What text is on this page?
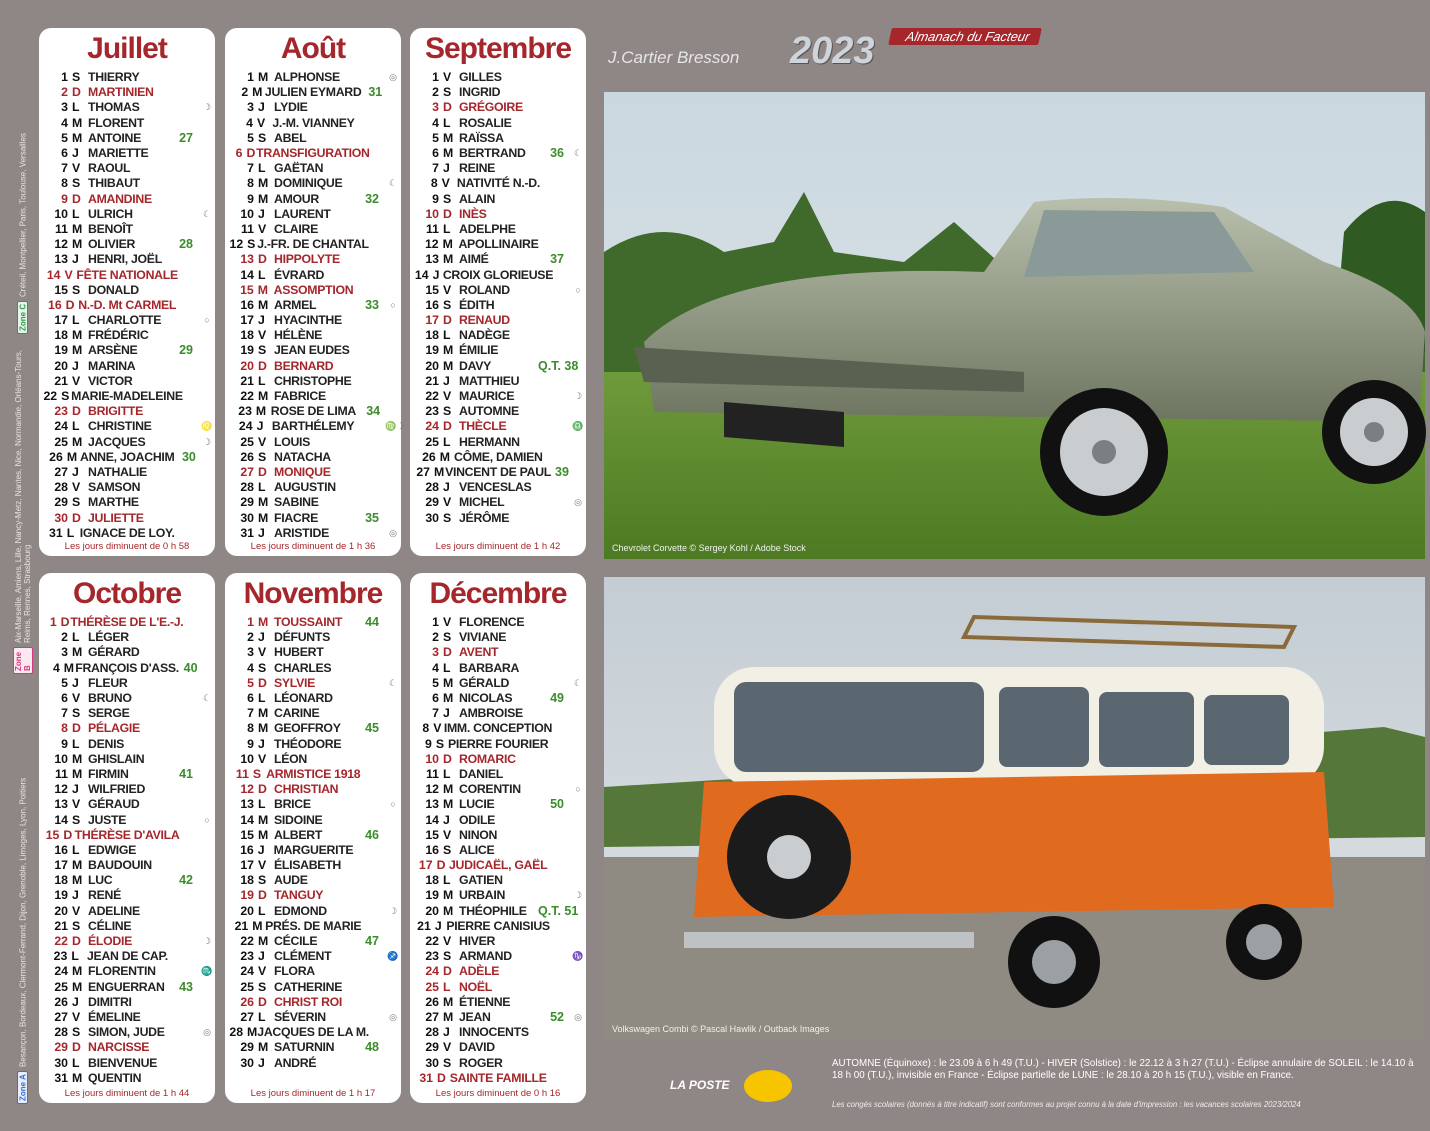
Zone C
Créteil, Montpellier, Paris, Toulouse, Versailles
Zone B
Aix-Marseille, Amiens, Lille, Nancy-Metz, Nantes, Nice, Normandie, Orléans-Tours, Reims, Rennes, Strasbourg
Zone A
Besançon, Bordeaux, Clermont-Ferrand, Dijon, Grenoble, Limoges, Lyon, Poitiers
Juillet
1 S THIERRY
2 D MARTINIEN
3 L THOMAS	☽
4 M FLORENT
5 M ANTOINE	27
6 J MARIETTE
7 V RAOUL
8 S THIBAUT
9 D AMANDINE
10 L ULRICH	☾
11 M BENOÎT
12 M OLIVIER	28
13 J HENRI, JOËL
14 V FÊTE NATIONALE
15 S DONALD
16 D N.-D. Mt CARMEL
17 L CHARLOTTE	○
18 M FRÉDÉRIC
19 M ARSÈNE	29
20 J MARINA
21 V VICTOR
22 S MARIE-MADELEINE
23 D BRIGITTE
24 L CHRISTINE	♌
25 M JACQUES	☽
26 M ANNE, JOACHIM 30
27 J NATHALIE
28 V SAMSON
29 S MARTHE
30 D JULIETTE
31 L IGNACE DE LOY.
Les jours diminuent de 0 h 58
Août
1 M ALPHONSE	◎
2 M JULIEN EYMARD 31
3 J LYDIE
4 V J.-M. VIANNEY
5 S ABEL
6 D TRANSFIGURATION
7 L GAËTAN
8 M DOMINIQUE	☾
9 M AMOUR	32
10 J LAURENT
11 V CLAIRE
12 S J.-FR. DE CHANTAL
13 D HIPPOLYTE
14 L ÉVRARD
15 M ASSOMPTION
16 M ARMEL	33	○
17 J HYACINTHE
18 V HÉLÈNE
19 S JEAN EUDES
20 D BERNARD
21 L CHRISTOPHE
22 M FABRICE
23 M ROSE DE LIMA 34
24 J BARTHÉLEMY	♍☽
25 V LOUIS
26 S NATACHA
27 D MONIQUE
28 L AUGUSTIN
29 M SABINE
30 M FIACRE	35
31 J ARISTIDE	◎
Les jours diminuent de 1 h 36
Septembre
1 V GILLES
2 S INGRID
3 D GRÉGOIRE
4 L ROSALIE
5 M RAÏSSA
6 M BERTRAND	36	☾
7 J REINE
8 V NATIVITÉ N.-D.
9 S ALAIN
10 D INÈS
11 L ADELPHE
12 M APOLLINAIRE
13 M AIMÉ	37
14 J CROIX GLORIEUSE
15 V ROLAND	○
16 S ÉDITH
17 D RENAUD
18 L NADÈGE
19 M ÉMILIE
20 M DAVY	Q.T. 38
21 J MATTHIEU
22 V MAURICE	☽
23 S AUTOMNE
24 D THÈCLE	♎
25 L HERMANN
26 M CÔME, DAMIEN
27 M VINCENT DE PAUL 39
28 J VENCESLAS
29 V MICHEL	◎
30 S JÉRÔME
Les jours diminuent de 1 h 42
Octobre
1 D THÉRÈSE DE L'E.-J.
2 L LÉGER
3 M GÉRARD
4 M FRANÇOIS D'ASS. 40
5 J FLEUR
6 V BRUNO	☾
7 S SERGE
8 D PÉLAGIE
9 L DENIS
10 M GHISLAIN
11 M FIRMIN	41
12 J WILFRIED
13 V GÉRAUD
14 S JUSTE	○
15 D THÉRÈSE D'AVILA
16 L EDWIGE
17 M BAUDOUIN
18 M LUC	42
19 J RENÉ
20 V ADELINE
21 S CÉLINE
22 D ÉLODIE	☽
23 L JEAN DE CAP.
24 M FLORENTIN	♏
25 M ENGUERRAN	43
26 J DIMITRI
27 V ÉMELINE
28 S SIMON, JUDE	◎
29 D NARCISSE
30 L BIENVENUE
31 M QUENTIN
Les jours diminuent de 1 h 44
Novembre
1 M TOUSSAINT	44
2 J DÉFUNTS
3 V HUBERT
4 S CHARLES
5 D SYLVIE	☾
6 L LÉONARD
7 M CARINE
8 M GEOFFROY	45
9 J THÉODORE
10 V LÉON
11 S ARMISTICE 1918
12 D CHRISTIAN
13 L BRICE	○
14 M SIDOINE
15 M ALBERT	46
16 J MARGUERITE
17 V ÉLISABETH
18 S AUDE
19 D TANGUY
20 L EDMOND	☽
21 M PRÉS. DE MARIE
22 M CÉCILE	47
23 J CLÉMENT	♐
24 V FLORA
25 S CATHERINE
26 D CHRIST ROI
27 L SÉVERIN	◎
28 M JACQUES DE LA M.
29 M SATURNIN	48
30 J ANDRÉ
Les jours diminuent de 1 h 17
Décembre
1 V FLORENCE
2 S VIVIANE
3 D AVENT
4 L BARBARA
5 M GÉRALD	☾
6 M NICOLAS	49
7 J AMBROISE
8 V IMM. CONCEPTION
9 S PIERRE FOURIER
10 D ROMARIC
11 L DANIEL
12 M CORENTIN	○
13 M LUCIE	50
14 J ODILE
15 V NINON
16 S ALICE
17 D JUDICAËL, GAËL
18 L GATIEN
19 M URBAIN	☽
20 M THÉOPHILE Q.T. 51
21 J PIERRE CANISIUS
22 V HIVER
23 S ARMAND	♑
24 D ADÈLE
25 L NOËL
26 M ÉTIENNE
27 M JEAN	52	◎
28 J INNOCENTS
29 V DAVID
30 S ROGER
31 D SAINTE FAMILLE
Les jours diminuent de 0 h 16
J.Cartier Bresson 2023	Almanach du Facteur
Chevrolet Corvette © Sergey Kohl / Adobe Stock
Volkswagen Combi © Pascal Hawlik / Outback Images
LA POSTE
AUTOMNE (Équinoxe) : le 23.09 à 6 h 49 (T.U.) - HIVER (Solstice) : le 22.12 à 3 h 27 (T.U.) - Éclipse annulaire de SOLEIL : le 14.10 à 18 h 00 (T.U.), invisible en France - Éclipse partielle de LUNE : le 28.10 à 20 h 15 (T.U.), visible en France.
Les congés scolaires (donnés à titre indicatif) sont conformes au projet connu à la date d'impression : les vacances scolaires 2023/2024
